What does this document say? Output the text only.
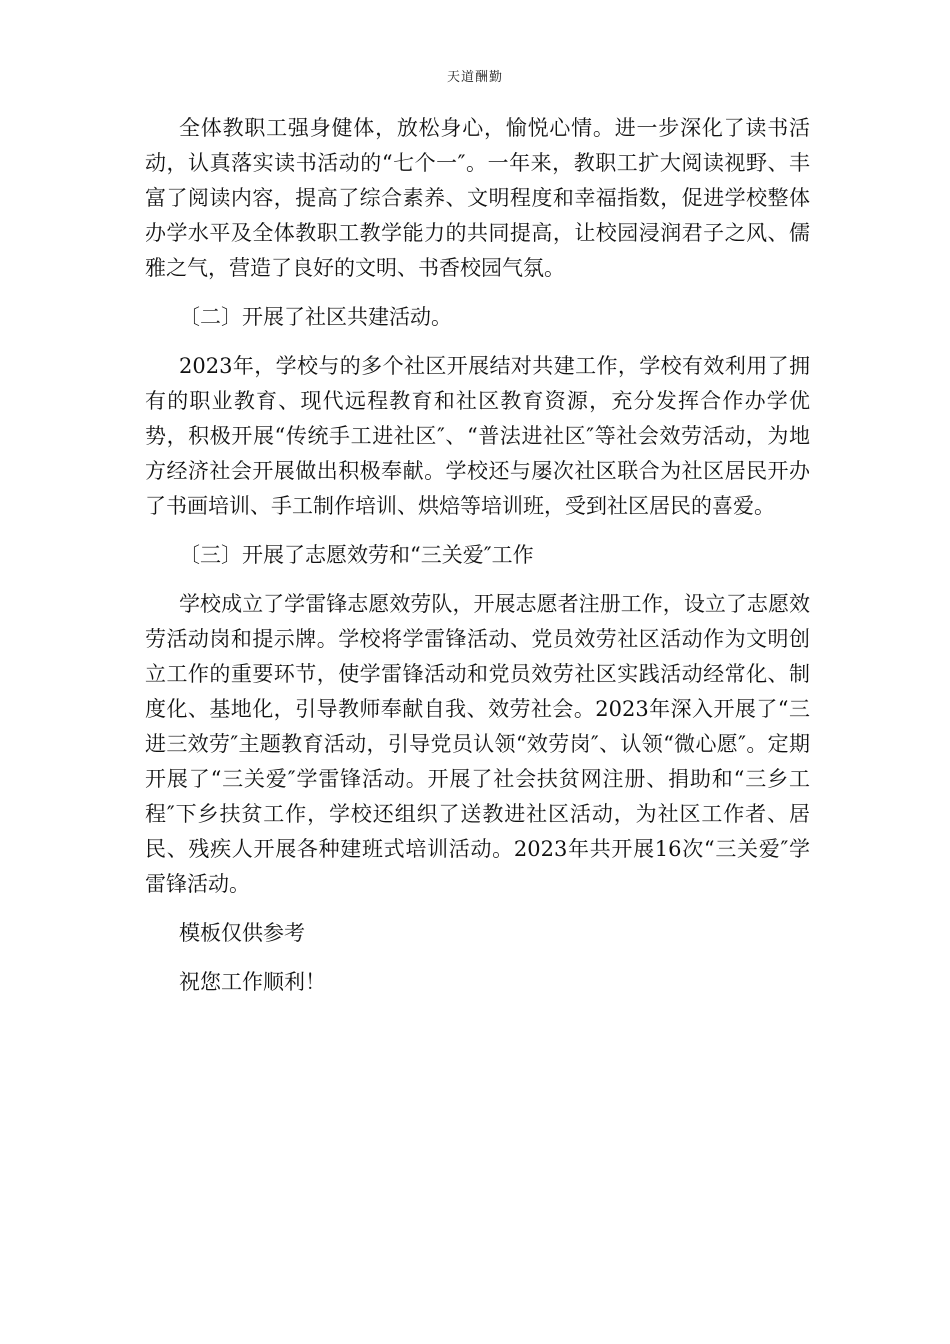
天道酬勤

全体教职工强身健体，放松身心，愉悦心情。进一步深化了读书活动，认真落实读书活动的“七个一″。一年来，教职工扩大阅读视野、丰富了阅读内容，提高了综合素养、文明程度和幸福指数，促进学校整体办学水平及全体教职工教学能力的共同提高，让校园浸润君子之风、儒雅之气，营造了良好的文明、书香校园气氛。

〔二〕开展了社区共建活动。

2023年，学校与的多个社区开展结对共建工作，学校有效利用了拥有的职业教育、现代远程教育和社区教育资源，充分发挥合作办学优势，积极开展“传统手工进社区″、“普法进社区″等社会效劳活动，为地方经济社会开展做出积极奉献。学校还与屡次社区联合为社区居民开办了书画培训、手工制作培训、烘焙等培训班，受到社区居民的喜爱。

〔三〕开展了志愿效劳和“三关爱″工作

学校成立了学雷锋志愿效劳队，开展志愿者注册工作，设立了志愿效劳活动岗和提示牌。学校将学雷锋活动、党员效劳社区活动作为文明创立工作的重要环节，使学雷锋活动和党员效劳社区实践活动经常化、制度化、基地化，引导教师奉献自我、效劳社会。2023年深入开展了“三进三效劳″主题教育活动，引导党员认领“效劳岗″、认领“微心愿″。定期开展了“三关爱″学雷锋活动。开展了社会扶贫网注册、捐助和“三乡工程″下乡扶贫工作，学校还组织了送教进社区活动，为社区工作者、居民、残疾人开展各种建班式培训活动。2023年共开展16次“三关爱″学雷锋活动。

模板仅供参考

祝您工作顺利！
